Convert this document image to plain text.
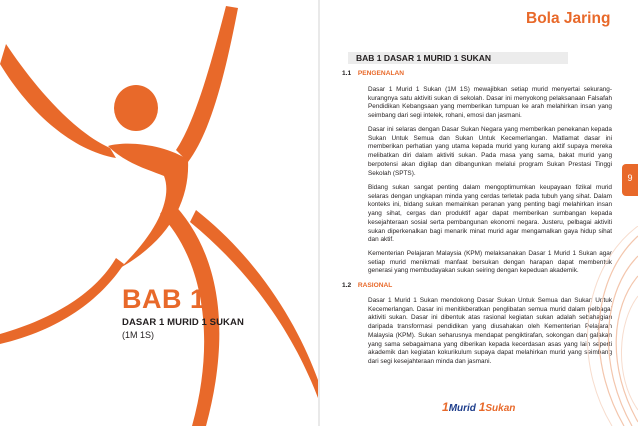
BAB 1
DASAR 1 MURID 1 SUKAN
(1M 1S)
Bola Jaring
BAB 1 DASAR 1 MURID 1 SUKAN
1.1 PENGENALAN

Dasar 1 Murid 1 Sukan (1M 1S) mewajibkan setiap murid menyertai sekurang-kurangnya satu aktiviti sukan di sekolah. Dasar ini menyokong pelaksanaan Falsafah Pendidikan Kebangsaan yang memberikan tumpuan ke arah melahirkan insan yang seimbang dari segi intelek, rohani, emosi dan jasmani.

Dasar ini selaras dengan Dasar Sukan Negara yang memberikan penekanan kepada Sukan Untuk Semua dan Sukan Untuk Kecemerlangan. Matlamat dasar ini memberikan perhatian yang utama kepada murid yang kurang aktif supaya mereka melibatkan diri dalam aktiviti sukan. Pada masa yang sama, bakat murid yang berpotensi akan digilap dan dibangunkan melalui program Sukan Prestasi Tinggi Sekolah (SPTS).

Bidang sukan sangat penting dalam mengoptimumkan keupayaan fizikal murid selaras dengan ungkapan minda yang cerdas terletak pada tubuh yang sihat. Dalam konteks ini, bidang sukan memainkan peranan yang penting bagi melahirkan insan yang sihat, cergas dan produktif agar dapat memberikan sumbangan kepada kesejahteraan sosial serta pembangunan ekonomi negara. Justeru, pelbagai aktiviti sukan diperkenalkan bagi menarik minat murid agar mengamalkan gaya hidup sihat dan aktif.

Kementerian Pelajaran Malaysia (KPM) melaksanakan Dasar 1 Murid 1 Sukan agar setiap murid menikmati manfaat bersukan dengan harapan dapat membentuk generasi yang membudayakan sukan seiring dengan kepeduan akademik.

1.2 RASIONAL

Dasar 1 Murid 1 Sukan mendokong Dasar Sukan Untuk Semua dan Sukan Untuk Kecemerlangan. Dasar ini menitikberatkan penglibatan semua murid dalam pelbagai aktiviti sukan. Dasar ini dibentuk atas rasional kegiatan sukan adalah sebahagian daripada transformasi pendidikan yang diusahakan oleh Kementerian Pelajaran Malaysia (KPM). Sukan seharusnya mendapat pengiktirafan, sokongan dan galakan yang sama sebagaimana yang diberikan kepada kecerdasan asas yang lain seperti akademik dan kegiatan kokurikulum supaya dapat melahirkan murid yang seimbang dari segi kesejahteraan minda dan jasmani.

9
1Murid 1Sukan
